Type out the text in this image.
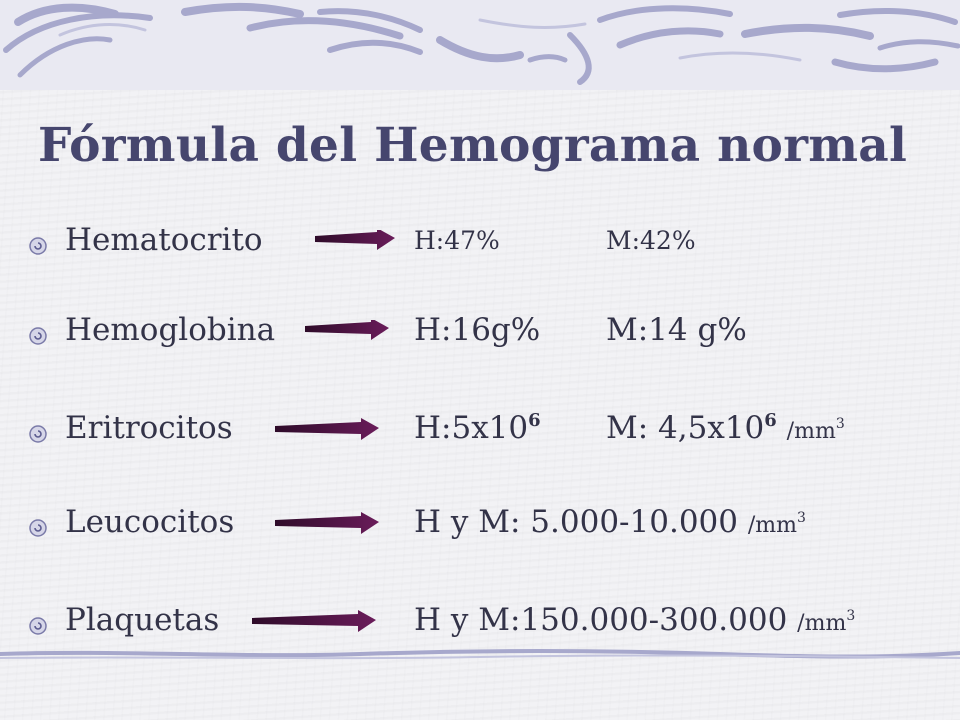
Fórmula del Hemograma normal
Hematocrito	H:47%	M:42%
Hemoglobina	H:16g% M:14 g%
Eritrocitos	$H:5x10^6$ M: $4,5x10^6$ $/mm^3$
Leucocitos	H y M: 5.000-10.000 $/mm^3$
Plaquetas	H y M:150.000-300.000 $/mm^3$
